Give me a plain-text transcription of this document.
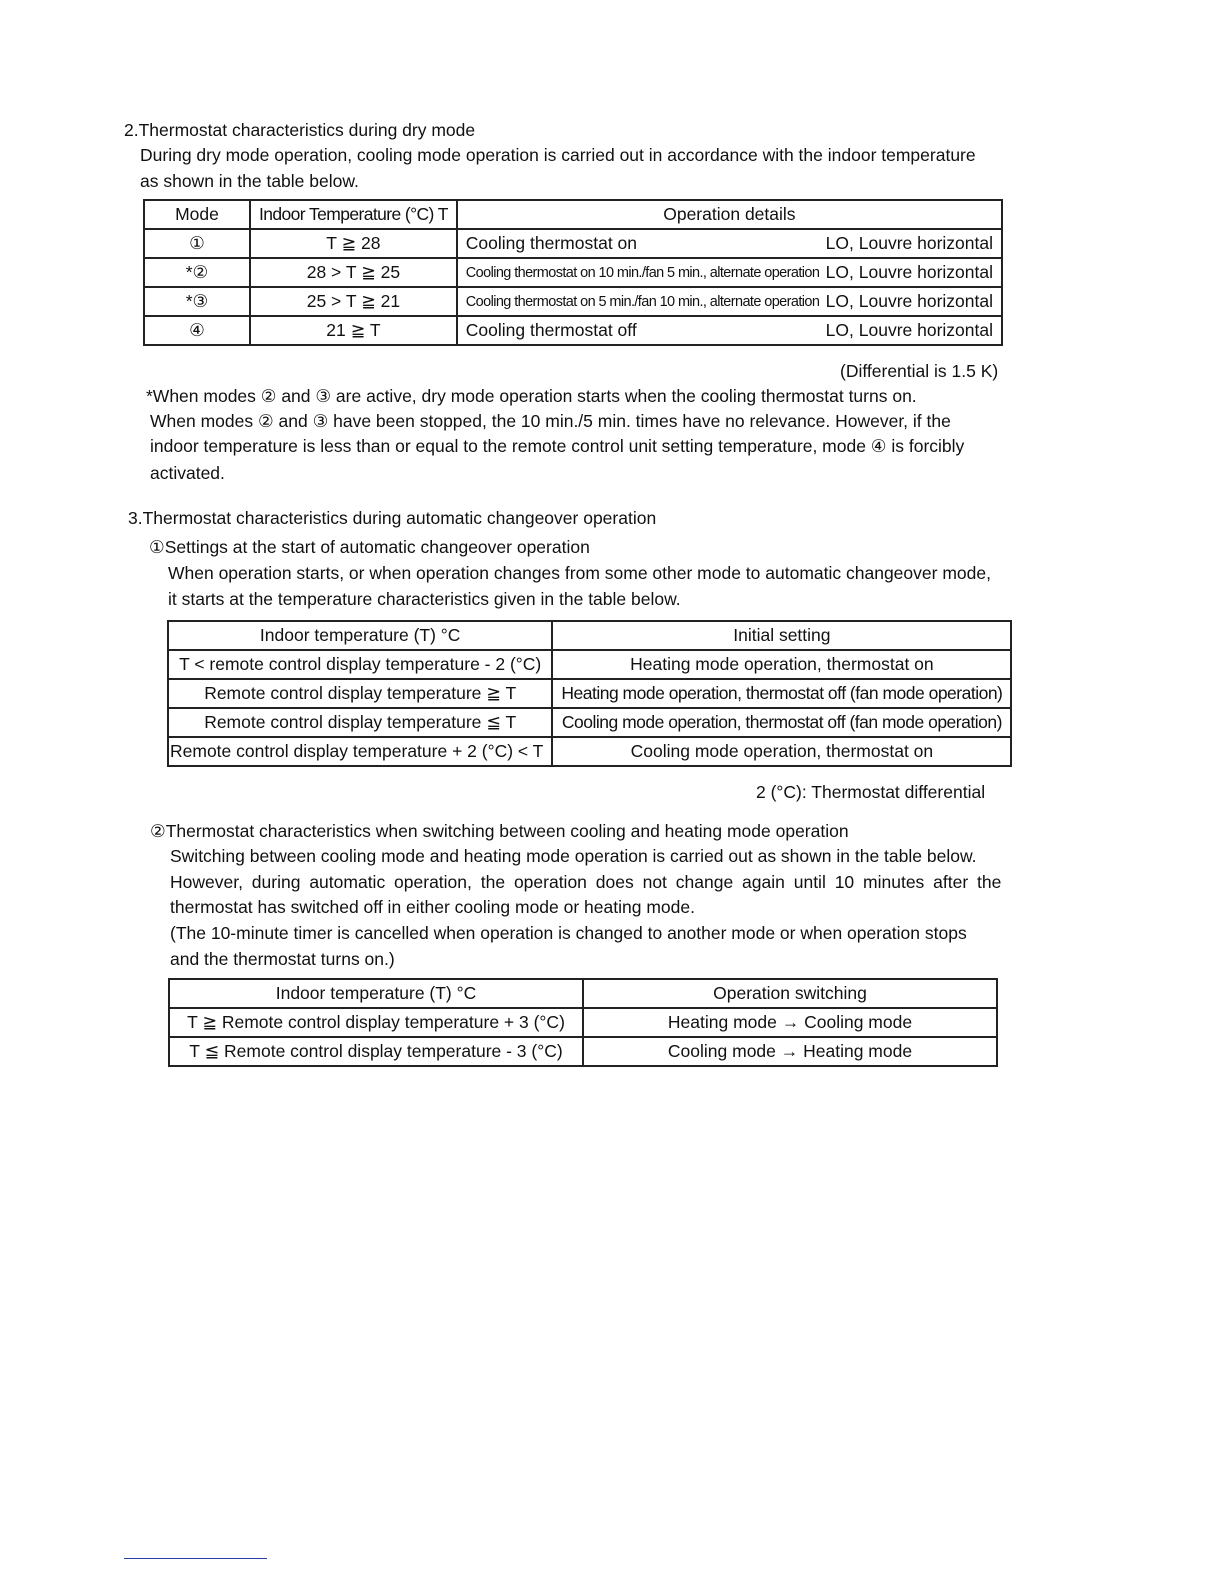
2.Thermostat characteristics during dry mode
During dry mode operation, cooling mode operation is carried out in accordance with the indoor temperature
as shown in the table below.
Mode	Indoor Temperature (°C) T	Operation details
①	T ≧ 28	Cooling thermostat on LO, Louvre horizontal

*②	28 > T ≧ 25	Cooling thermostat on 10 min./fan 5 min., alternate operation LO, Louvre horizontal

*③	25 > T ≧ 21	Cooling thermostat on 5 min./fan 10 min., alternate operation LO, Louvre horizontal

④	21 ≧ T	Cooling thermostat off LO, Louvre horizontal
(Differential is 1.5 K)
*When modes ② and ③ are active, dry mode operation starts when the cooling thermostat turns on.
When modes ② and ③ have been stopped, the 10 min./5 min. times have no relevance. However, if the
indoor temperature is less than or equal to the remote control unit setting temperature, mode ④ is forcibly
activated.
3.Thermostat characteristics during automatic changeover operation
①Settings at the start of automatic changeover operation
When operation starts, or when operation changes from some other mode to automatic changeover mode,
it starts at the temperature characteristics given in the table below.
Indoor temperature (T) °C	Initial setting
T < remote control display temperature - 2 (°C)	Heating mode operation, thermostat on
Remote control display temperature ≧ T	Heating mode operation, thermostat off (fan mode operation)
Remote control display temperature ≦ T	Cooling mode operation, thermostat off (fan mode operation)
Remote control display temperature + 2 (°C) < T	Cooling mode operation, thermostat on
2 (°C): Thermostat differential
②Thermostat characteristics when switching between cooling and heating mode operation
Switching between cooling mode and heating mode operation is carried out as shown in the table below.
However, during automatic operation, the operation does not change again until 10 minutes after the
thermostat has switched off in either cooling mode or heating mode.
(The 10-minute timer is cancelled when operation is changed to another mode or when operation stops
and the thermostat turns on.)
Indoor temperature (T) °C	Operation switching
T ≧ Remote control display temperature + 3 (°C)	Heating mode → Cooling mode
T ≦ Remote control display temperature - 3 (°C)	Cooling mode → Heating mode
